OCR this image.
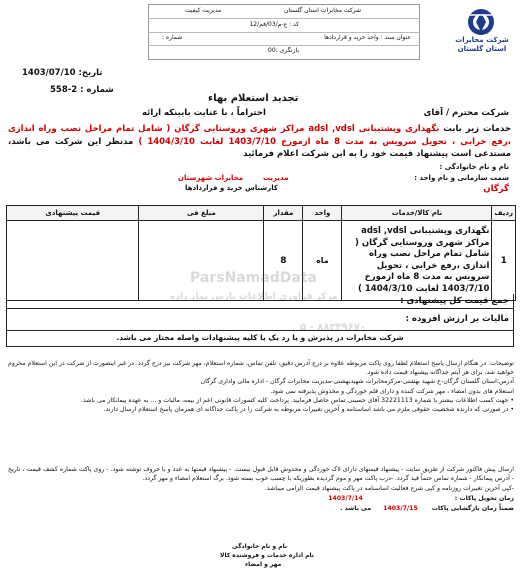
شرکت مخابرات استان گلستان
مدیریت کیفیت
کد : ع-م/03/فم/12
عنوان سند : واحد خرید و قراردادها
شماره :
بازنگری :00
شرکت مخابرات استان گلستان
تاریخ: 1403/07/10
شماره : 2-558
تجدید استعلام بهاء
شرکت محترم / آقای
احتراماً ، با عنایت بایینکه ارائه
خدمات زیر بابت نگهداری وپشتیبانی adsl ,vdsl مراکز شهری وروستایی گرگان ( شامل تمام مراحل نصب وراه اندازی ،رفع خرابی ، تحویل سرویس به مدت 8 ماه ازمورخ 1403/7/10 لغایت 1404/3/10 ) مدنظر این شرکت می باشد، مستدعی است پیشنهاد قیمت خود را به این شرکت اعلام فرمائید
نام و نام خانوادگی :
سمت سازمانی و نام واحد :
مدیریت
مخابرات شهرستان
گرگان
کارشناس خرید و قراردادها
ردیف	نام کالا/خدمات	واحد	مقدار	مبلغ فی	قیمت پیشنهادی
1	نگهداری وپشتیبانی adsl ,vdsl مراکز شهری وروستایی گرگان ( شامل تمام مراحل نصب وراه اندازی ،رفع خرابی ، تحویل سرویس به مدت 8 ماه ازمورخ 1403/7/10 لغایت 1404/3/10 )	ماه	8		
جمع قیمت کل پیشنهادی :
مالیات بر ارزش افزوده :
شرکت مخابرات در پذیرش و یا رد یک یا کلیه پیشنهادات واصله مختار می باشد.
ParsNamadData
مرکز فراوری اطلاعات پارس نماد داده
۸۸۳۴۹۶۷۰ - ۵
توضیحات: در هنگام ارسال پاسخ استعلام لطفا روی پاکت مربوطه علاوه بر درج آدرس دقیق، تلفن تماس، شماره استعلام، مهر شرکت نیز درج گردد. در غیر اینصورت از شرکت در این استعلام محروم خواهید شد. برای هر آیتم جداگانه پیشنهاد قیمت داده شود.
آدرس:استان گلستان گرگان-خ شهید بهشتی-مرکزمخابرات شهیدبهشتی-مدیریت مخابرات گرگان - اداره مالی واداری گرگان
استعلام های بدون امضاء ، مهر شرکت کننده و دارای قلم خوردگی و مخدوش پذیرفته نمی شود.
• جهت کسب اطلاعات بیشتر با شماره 32221113 آقای حسینی تماس حاصل فرمایید. پرداخت کلیه کسورات قانونی اعم از بیمه، مالیات و ... به عهده پیمانکار می باشد.
• در صورتی که دارنده شخصیت حقوقی ملزم می باشد اساسنامه و آخرین تغییرات مربوطه به شرکت را در پاکت جداگانه ای همزمان پاسخ استعلام ارسال دارند.
ارسال پیش فاکتور شرکت از طریق سایت - پیشنهاد قیمتهای دارای لاک خوردگی و مخدوش قابل قبول نیست. - پیشنهاد قیمتها به عدد و با حروف نوشته شود. - روی پاکت شماره کشف قیمت ، تاریخ - آدرس پیمانکار - شماره تماس حتماً قید گردد. -درب پاکت مهر و موم گردیده بطوریکه با چسب خوب بسته شود. برگ استعلام امضاء و مهر گردد.
-کپی آخرین تغییرات روزنامه و کپی شرح فعالیت اساسنامه در پاکت پیشنهاد قیمت الزامی میباشد.
زمان تحویل پاکات : 1403/7/14
ضمناً زمان بازگشایی پاکات 1403/7/15 می باشد .
نام و نام خانوادگی
نام اداره خدمات و فروشنده کالا
مهر و امضاء
